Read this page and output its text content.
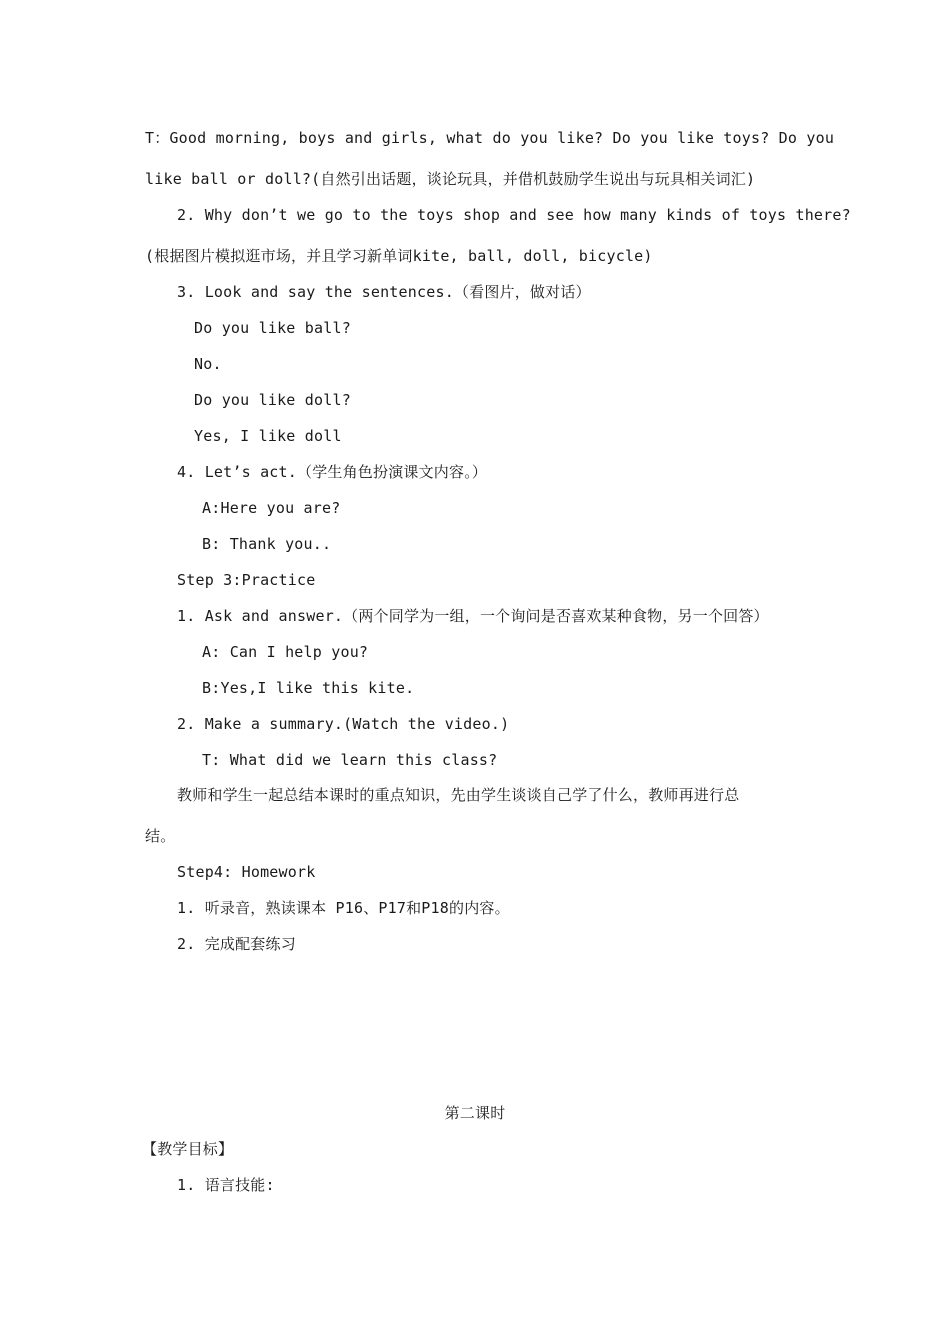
T：Good morning, boys and girls, what do you like? Do you like toys? Do you
like ball or doll?(自然引出话题，谈论玩具，并借机鼓励学生说出与玩具相关词汇)
2. Why don’t we go to the toys shop and see how many kinds of toys there?
(根据图片模拟逛市场，并且学习新单词kite, ball, doll, bicycle)
3. Look and say the sentences.（看图片，做对话）
Do you like ball?
No.
Do you like doll?
Yes, I like doll
4. Let’s act.（学生角色扮演课文内容。）
A:Here you are?
B: Thank you..
Step 3:Practice
1. Ask and answer.（两个同学为一组，一个询问是否喜欢某种食物，另一个回答）
A: Can I help you?
B:Yes,I like this kite.
2. Make a summary.(Watch the video.)
T: What did we learn this class?
教师和学生一起总结本课时的重点知识，先由学生谈谈自己学了什么，教师再进行总
结。
Step4: Homework
1. 听录音，熟读课本 P16、P17和P18的内容。
2. 完成配套练习
第二课时
【教学目标】
1. 语言技能:
